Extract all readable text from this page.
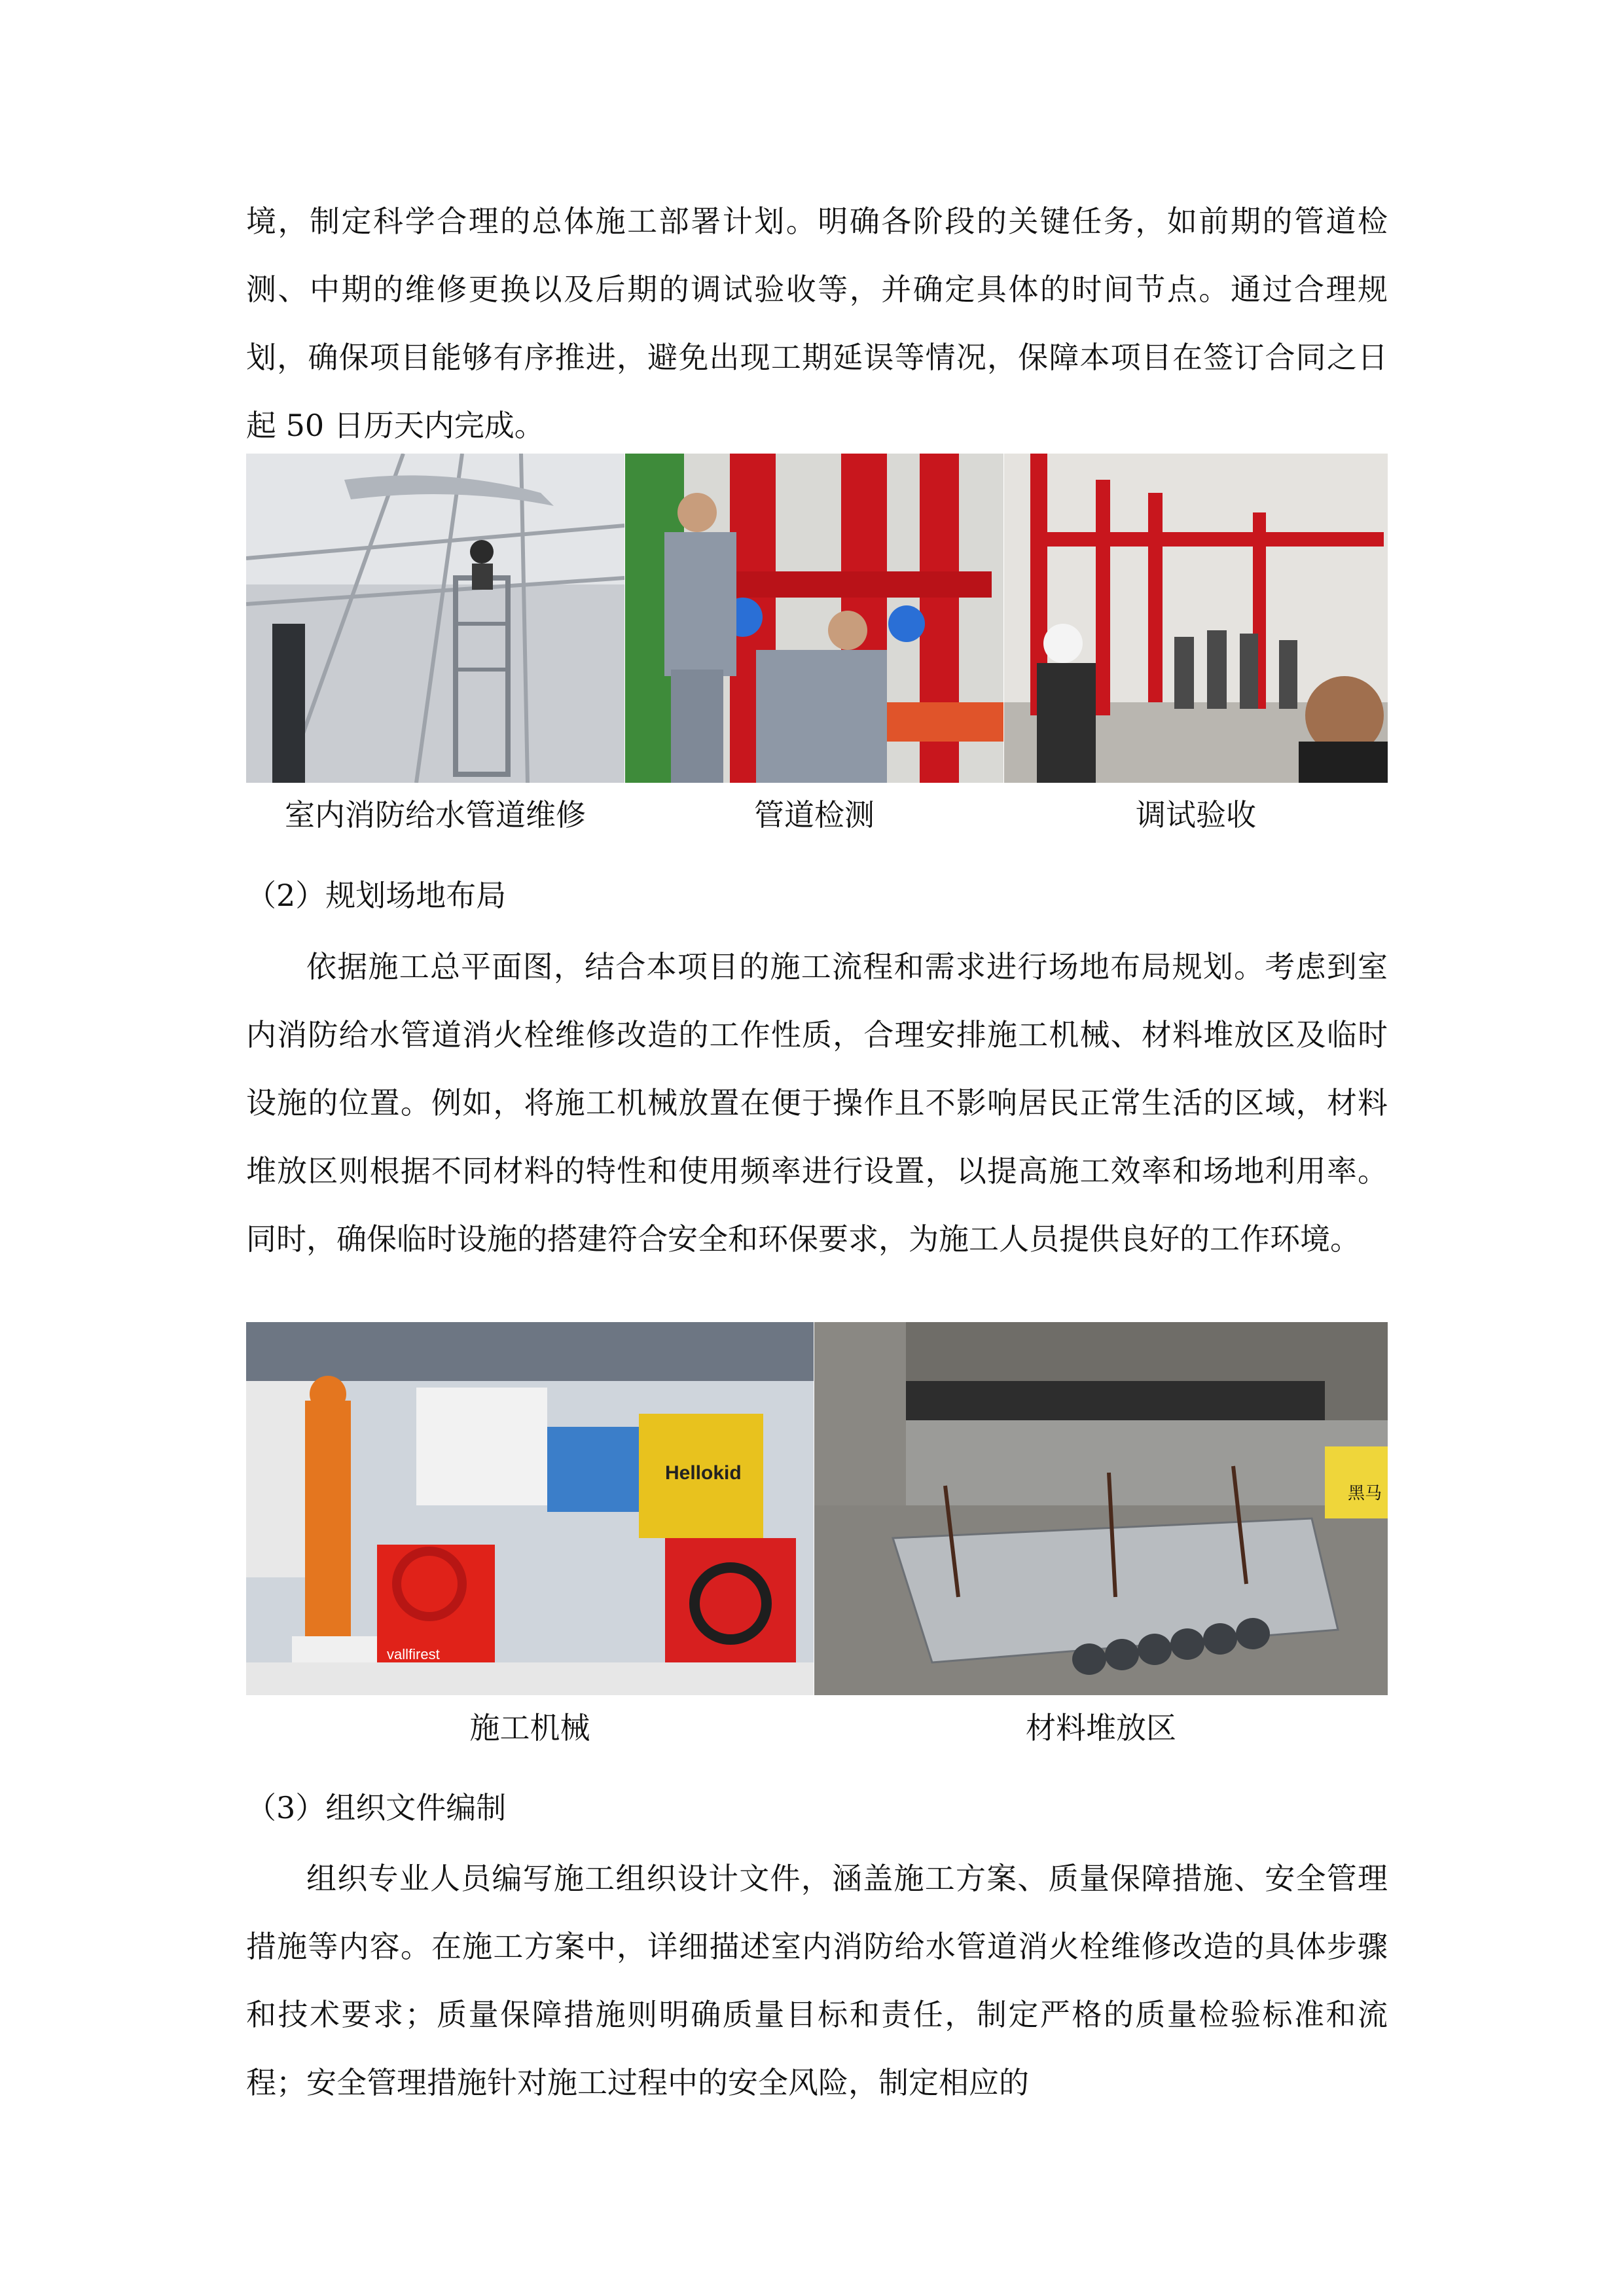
境，制定科学合理的总体施工部署计划。明确各阶段的关键任务，如前期的管道检测、中期的维修更换以及后期的调试验收等，并确定具体的时间节点。通过合理规划，确保项目能够有序推进，避免出现工期延误等情况，保障本项目在签订合同之日起 50 日历天内完成。

室内消防给水管道维修	管道检测	调试验收

（2）规划场地布局

依据施工总平面图，结合本项目的施工流程和需求进行场地布局规划。考虑到室内消防给水管道消火栓维修改造的工作性质，合理安排施工机械、材料堆放区及临时设施的位置。例如，将施工机械放置在便于操作且不影响居民正常生活的区域，材料堆放区则根据不同材料的特性和使用频率进行设置，以提高施工效率和场地利用率。同时，确保临时设施的搭建符合安全和环保要求，为施工人员提供良好的工作环境。

Hellokid
vallfirest
黑马

施工机械	材料堆放区

（3）组织文件编制

组织专业人员编写施工组织设计文件，涵盖施工方案、质量保障措施、安全管理措施等内容。在施工方案中，详细描述室内消防给水管道消火栓维修改造的具体步骤和技术要求；质量保障措施则明确质量目标和责任，制定严格的质量检验标准和流程；安全管理措施针对施工过程中的安全风险，制定相应的
